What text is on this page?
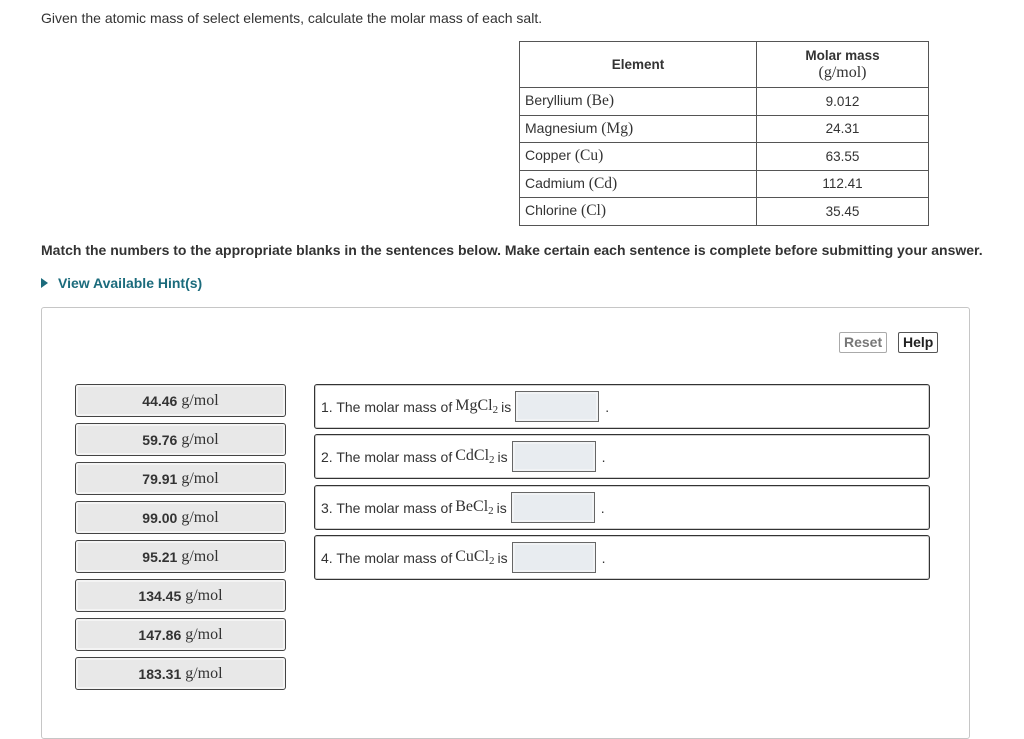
Given the atomic mass of select elements, calculate the molar mass of each salt.
Element	Molar mass
(g/mol)

Beryllium (Be)	9.012
Magnesium (Mg)	24.31
Copper (Cu)	63.55
Cadmium (Cd)	112.41
Chlorine (Cl)	35.45
Match the numbers to the appropriate blanks in the sentences below. Make certain each sentence is complete before submitting your answer.
View Available Hint(s)
Reset	Help
44.46 g/mol
59.76 g/mol
79.91 g/mol
99.00 g/mol
95.21 g/mol
134.45 g/mol
147.86 g/mol
183.31 g/mol
1. The molar mass of MgCl$_2$ is	.
2. The molar mass of CdCl$_2$ is	.
3. The molar mass of BeCl$_2$ is	.
4. The molar mass of CuCl$_2$ is	.
